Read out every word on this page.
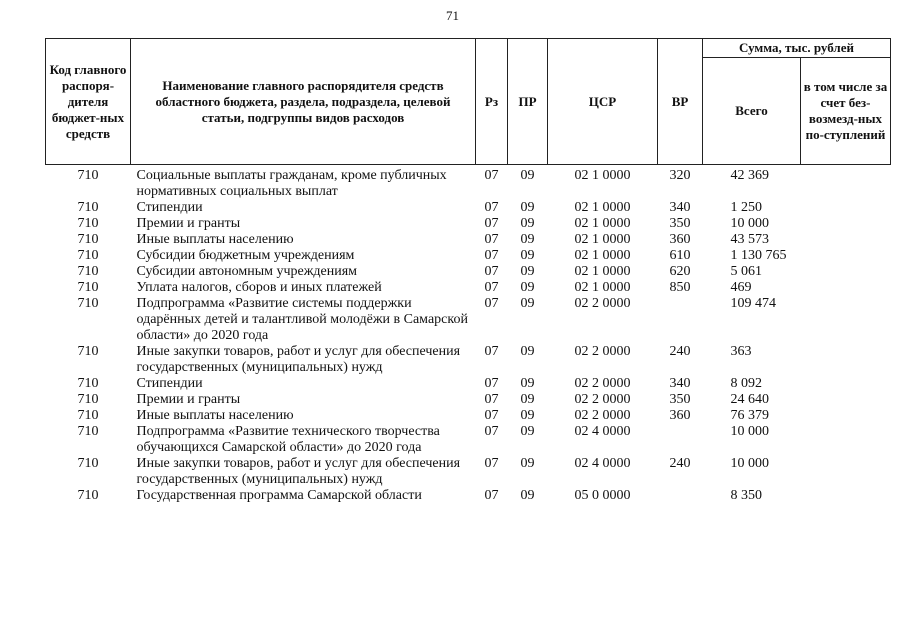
71
Код главного распоря-дителя бюджет-ных средств	Наименование главного распорядителя средств областного бюджета, раздела, подраздела, целевой статьи, подгруппы видов расходов	Рз	ПР	ЦСР	ВР	Сумма, тыс. рублей	
						Всего	в том числе за счет без-возмезд-ных по-ступлений
710	Социальные выплаты гражданам, кроме публичных нормативных социальных выплат	07	09	02 1 0000	320	42 369	
710	Стипендии	07	09	02 1 0000	340	1 250	
710	Премии и гранты	07	09	02 1 0000	350	10 000	
710	Иные выплаты населению	07	09	02 1 0000	360	43 573	
710	Субсидии бюджетным учреждениям	07	09	02 1 0000	610	1 130 765	
710	Субсидии автономным учреждениям	07	09	02 1 0000	620	5 061	
710	Уплата налогов, сборов и иных платежей	07	09	02 1 0000	850	469	
710	Подпрограмма «Развитие системы поддержки одарённых детей и талантливой молодёжи в Самарской области» до 2020 года	07	09	02 2 0000		109 474	
710	Иные закупки товаров, работ и услуг для обеспечения государственных (муниципальных) нужд	07	09	02 2 0000	240	363	
710	Стипендии	07	09	02 2 0000	340	8 092	
710	Премии и гранты	07	09	02 2 0000	350	24 640	
710	Иные выплаты населению	07	09	02 2 0000	360	76 379	
710	Подпрограмма «Развитие технического творчества обучающихся Самарской области» до 2020 года	07	09	02 4 0000		10 000	
710	Иные закупки товаров, работ и услуг для обеспечения государственных (муниципальных) нужд	07	09	02 4 0000	240	10 000	
710	Государственная программа Самарской области	07	09	05 0 0000		8 350	
